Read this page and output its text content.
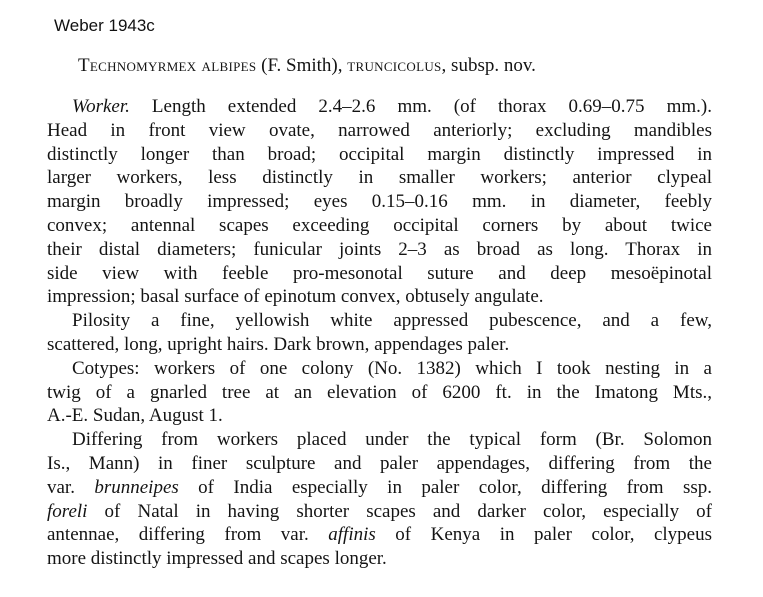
Weber 1943c
Technomyrmex albipes (F. Smith), truncicolus, subsp. nov.
Worker. Length extended 2.4–2.6 mm. (of thorax 0.69–0.75 mm.).
Head in front view ovate, narrowed anteriorly; excluding mandibles
distinctly longer than broad; occipital margin distinctly impressed in
larger workers, less distinctly in smaller workers; anterior clypeal
margin broadly impressed; eyes 0.15–0.16 mm. in diameter, feebly
convex; antennal scapes exceeding occipital corners by about twice
their distal diameters; funicular joints 2–3 as broad as long. Thorax in
side view with feeble pro-mesonotal suture and deep mesoëpinotal
impression; basal surface of epinotum convex, obtusely angulate.
Pilosity a fine, yellowish white appressed pubescence, and a few,
scattered, long, upright hairs. Dark brown, appendages paler.
Cotypes: workers of one colony (No. 1382) which I took nesting in a
twig of a gnarled tree at an elevation of 6200 ft. in the Imatong Mts.,
A.-E. Sudan, August 1.
Differing from workers placed under the typical form (Br. Solomon
Is., Mann) in finer sculpture and paler appendages, differing from the
var. brunneipes of India especially in paler color, differing from ssp.
foreli of Natal in having shorter scapes and darker color, especially of
antennae, differing from var. affinis of Kenya in paler color, clypeus
more distinctly impressed and scapes longer.
